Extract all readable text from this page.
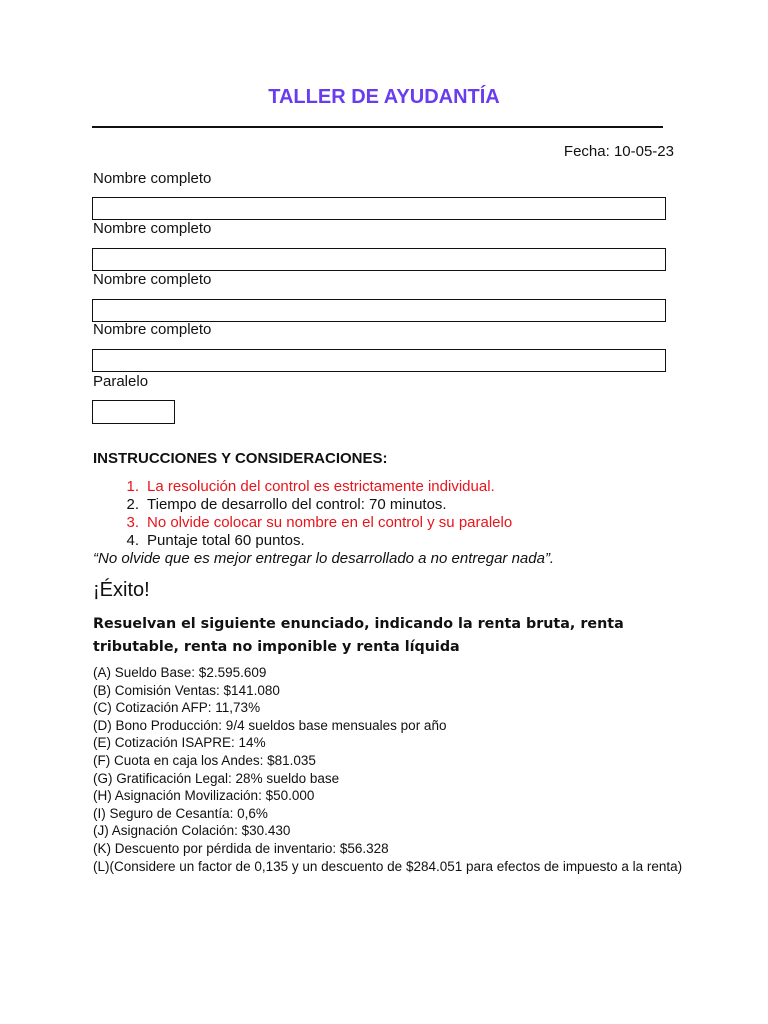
TALLER DE AYUDANTÍA
Fecha: 10-05-23
Nombre completo
Nombre completo
Nombre completo
Nombre completo
Paralelo
INSTRUCCIONES Y CONSIDERACIONES:
1. La resolución del control es estrictamente individual.
2. Tiempo de desarrollo del control: 70 minutos.
3. No olvide colocar su nombre en el control y su paralelo
4. Puntaje total 60 puntos.
“No olvide que es mejor entregar lo desarrollado a no entregar nada”.
¡Éxito!
Resuelvan el siguiente enunciado, indicando la renta bruta, renta tributable, renta no imponible y renta líquida
(A) Sueldo Base: $2.595.609
(B) Comisión Ventas: $141.080
(C) Cotización AFP: 11,73%
(D) Bono Producción: 9/4 sueldos base mensuales por año
(E) Cotización ISAPRE: 14%
(F) Cuota en caja los Andes: $81.035
(G) Gratificación Legal: 28% sueldo base
(H) Asignación Movilización: $50.000
(I) Seguro de Cesantía: 0,6%
(J) Asignación Colación: $30.430
(K) Descuento por pérdida de inventario: $56.328
(L)(Considere un factor de 0,135 y un descuento de $284.051 para efectos de impuesto a la renta)
